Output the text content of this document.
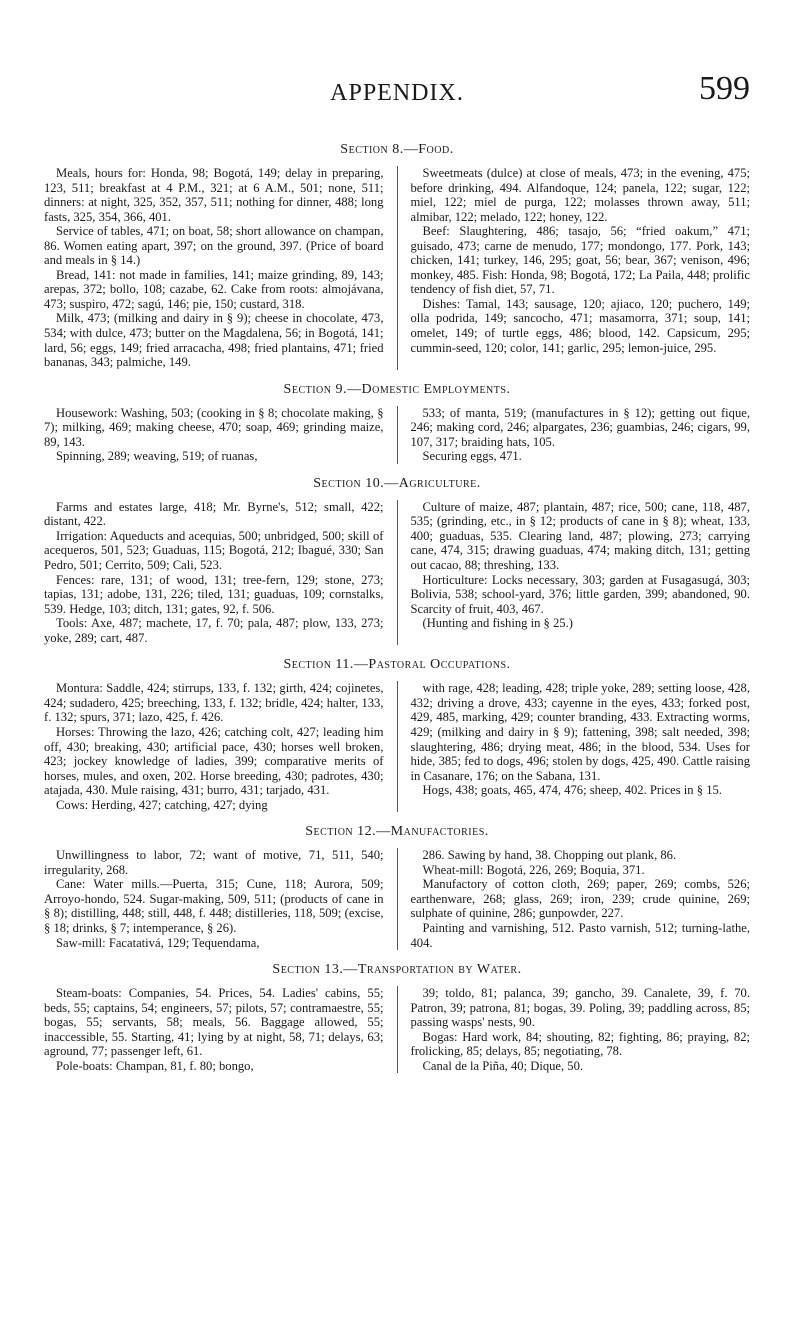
APPENDIX.	599
Section 8.—Food.

Meals, hours for: Honda, 98; Bogotá, 149; delay in preparing, 123, 511; breakfast at 4 P.M., 321; at 6 A.M., 501; none, 511; dinners: at night, 325, 352, 357, 511; nothing for dinner, 488; long fasts, 325, 354, 366, 401.

Service of tables, 471; on boat, 58; short allowance on champan, 86. Women eating apart, 397; on the ground, 397. (Price of board and meals in § 14.)

Bread, 141: not made in families, 141; maize grinding, 89, 143; arepas, 372; bollo, 108; cazabe, 62. Cake from roots: almojávana, 473; suspiro, 472; sagú, 146; pie, 150; custard, 318.

Milk, 473; (milking and dairy in § 9); cheese in chocolate, 473, 534; with dulce, 473; butter on the Magdalena, 56; in Bogotá, 141; lard, 56; eggs, 149; fried arracacha, 498; fried plantains, 471; fried bananas, 343; palmiche, 149.

Sweetmeats (dulce) at close of meals, 473; in the evening, 475; before drinking, 494. Alfandoque, 124; panela, 122; sugar, 122; miel, 122; miel de purga, 122; molasses thrown away, 511; almibar, 122; melado, 122; honey, 122.

Beef: Slaughtering, 486; tasajo, 56; “fried oakum,” 471; guisado, 473; carne de menudo, 177; mondongo, 177. Pork, 143; chicken, 141; turkey, 146, 295; goat, 56; bear, 367; venison, 496; monkey, 485. Fish: Honda, 98; Bogotá, 172; La Paila, 448; prolific tendency of fish diet, 57, 71.

Dishes: Tamal, 143; sausage, 120; ajiaco, 120; puchero, 149; olla podrida, 149; sancocho, 471; masamorra, 371; soup, 141; omelet, 149; of turtle eggs, 486; blood, 142. Capsicum, 295; cummin-seed, 120; color, 141; garlic, 295; lemon-juice, 295.

Section 9.—Domestic Employments.

Housework: Washing, 503; (cooking in § 8; chocolate making, § 7); milking, 469; making cheese, 470; soap, 469; grinding maize, 89, 143.

Spinning, 289; weaving, 519; of ruanas,

533; of manta, 519; (manufactures in § 12); getting out fique, 246; making cord, 246; alpargates, 236; guambias, 246; cigars, 99, 107, 317; braiding hats, 105.

Securing eggs, 471.

Section 10.—Agriculture.

Farms and estates large, 418; Mr. Byrne's, 512; small, 422; distant, 422.

Irrigation: Aqueducts and acequias, 500; unbridged, 500; skill of acequeros, 501, 523; Guaduas, 115; Bogotá, 212; Ibagué, 330; San Pedro, 501; Cerrito, 509; Cali, 523.

Fences: rare, 131; of wood, 131; tree-fern, 129; stone, 273; tapias, 131; adobe, 131, 226; tiled, 131; guaduas, 109; cornstalks, 539. Hedge, 103; ditch, 131; gates, 92, f. 506.

Tools: Axe, 487; machete, 17, f. 70; pala, 487; plow, 133, 273; yoke, 289; cart, 487.

Culture of maize, 487; plantain, 487; rice, 500; cane, 118, 487, 535; (grinding, etc., in § 12; products of cane in § 8); wheat, 133, 400; guaduas, 535. Clearing land, 487; plowing, 273; carrying cane, 474, 315; drawing guaduas, 474; making ditch, 131; getting out cacao, 88; threshing, 133.

Horticulture: Locks necessary, 303; garden at Fusagasugá, 303; Bolivia, 538; school-yard, 376; little garden, 399; abandoned, 90. Scarcity of fruit, 403, 467.

(Hunting and fishing in § 25.)

Section 11.—Pastoral Occupations.

Montura: Saddle, 424; stirrups, 133, f. 132; girth, 424; cojinetes, 424; sudadero, 425; breeching, 133, f. 132; bridle, 424; halter, 133, f. 132; spurs, 371; lazo, 425, f. 426.

Horses: Throwing the lazo, 426; catching colt, 427; leading him off, 430; breaking, 430; artificial pace, 430; horses well broken, 423; jockey knowledge of ladies, 399; comparative merits of horses, mules, and oxen, 202. Horse breeding, 430; padrotes, 430; atajada, 430. Mule raising, 431; burro, 431; tarjado, 431.

Cows: Herding, 427; catching, 427; dying

with rage, 428; leading, 428; triple yoke, 289; setting loose, 428, 432; driving a drove, 433; cayenne in the eyes, 433; forked post, 429, 485, marking, 429; counter branding, 433. Extracting worms, 429; (milking and dairy in § 9); fattening, 398; salt needed, 398; slaughtering, 486; drying meat, 486; in the blood, 534. Uses for hide, 385; fed to dogs, 496; stolen by dogs, 425, 490. Cattle raising in Casanare, 176; on the Sabana, 131.

Hogs, 438; goats, 465, 474, 476; sheep, 402. Prices in § 15.

Section 12.—Manufactories.

Unwillingness to labor, 72; want of motive, 71, 511, 540; irregularity, 268.

Cane: Water mills.—Puerta, 315; Cune, 118; Aurora, 509; Arroyo-hondo, 524. Sugar-making, 509, 511; (products of cane in § 8); distilling, 448; still, 448, f. 448; distilleries, 118, 509; (excise, § 18; drinks, § 7; intemperance, § 26).

Saw-mill: Facatativá, 129; Tequendama,

286. Sawing by hand, 38. Chopping out plank, 86.

Wheat-mill: Bogotá, 226, 269; Boquia, 371.

Manufactory of cotton cloth, 269; paper, 269; combs, 526; earthenware, 268; glass, 269; iron, 239; crude quinine, 269; sulphate of quinine, 286; gunpowder, 227.

Painting and varnishing, 512. Pasto varnish, 512; turning-lathe, 404.

Section 13.—Transportation by Water.

Steam-boats: Companies, 54. Prices, 54. Ladies' cabins, 55; beds, 55; captains, 54; engineers, 57; pilots, 57; contramaestre, 55; bogas, 55; servants, 58; meals, 56. Baggage allowed, 55; inaccessible, 55. Starting, 41; lying by at night, 58, 71; delays, 63; aground, 77; passenger left, 61.

Pole-boats: Champan, 81, f. 80; bongo,

39; toldo, 81; palanca, 39; gancho, 39. Canalete, 39, f. 70. Patron, 39; patrona, 81; bogas, 39. Poling, 39; paddling across, 85; passing wasps' nests, 90.

Bogas: Hard work, 84; shouting, 82; fighting, 86; praying, 82; frolicking, 85; delays, 85; negotiating, 78.

Canal de la Piña, 40; Dique, 50.
